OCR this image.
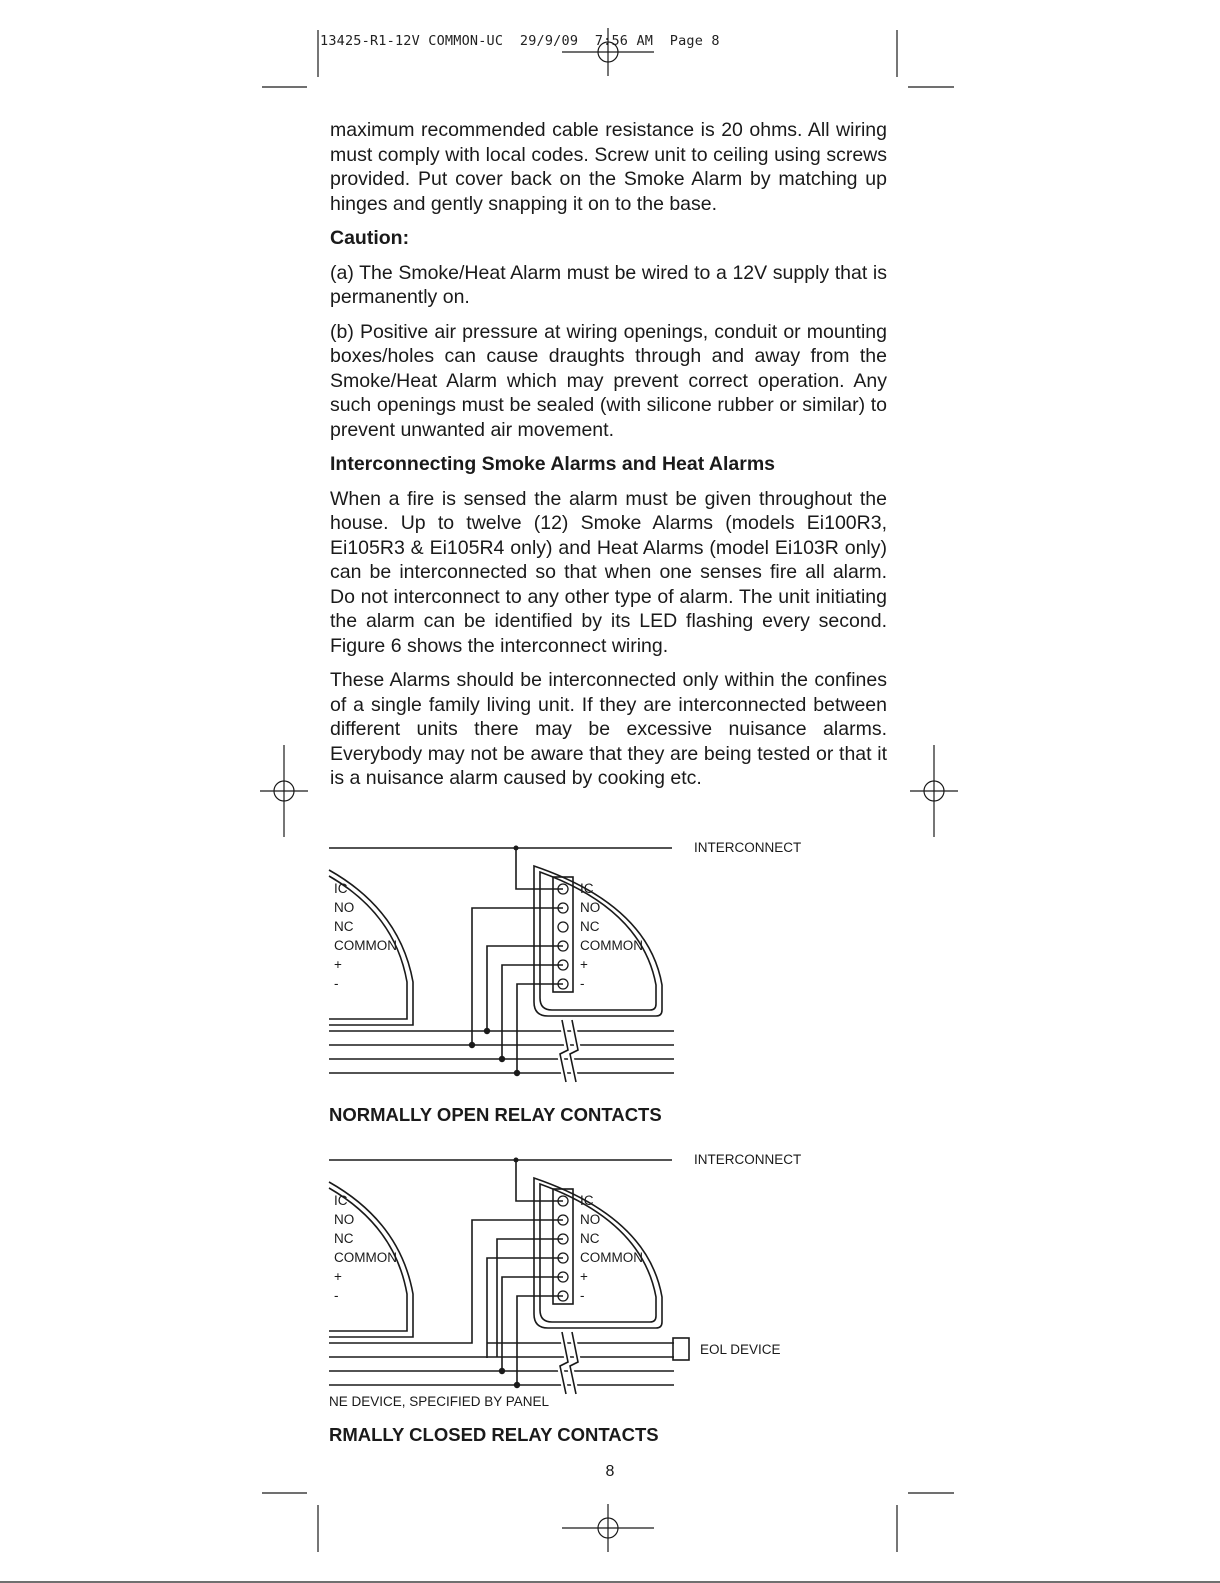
13425-R1-12V COMMON-UC 29/9/09 7:56 AM Page 8

maximum recommended cable resistance is 20 ohms. All wiring must comply with local codes. Screw unit to ceiling using screws provided. Put cover back on the Smoke Alarm by matching up hinges and gently snapping it on to the base.

Caution:

(a) The Smoke/Heat Alarm must be wired to a 12V supply that is permanently on.

(b) Positive air pressure at wiring openings, conduit or mounting boxes/holes can cause draughts through and away from the Smoke/Heat Alarm which may prevent correct operation. Any such openings must be sealed (with silicone rubber or similar) to prevent unwanted air movement.

Interconnecting Smoke Alarms and Heat Alarms

When a fire is sensed the alarm must be given throughout the house. Up to twelve (12) Smoke Alarms (models Ei100R3, Ei105R3 & Ei105R4 only) and Heat Alarms (model Ei103R only) can be interconnected so that when one senses fire all alarm. Do not interconnect to any other type of alarm. The unit initiating the alarm can be identified by its LED flashing every second. Figure 6 shows the interconnect wiring.

These Alarms should be interconnected only within the confines of a single family living unit. If they are interconnected between different units there may be excessive nuisance alarms. Everybody may not be aware that they are being tested or that it is a nuisance alarm caused by cooking etc.

INTERCONNECT
IC
NO
NC
COMMON
+
-
IC
NO
NC
COMMON
+
-
NORMALLY OPEN RELAY CONTACTS
INTERCONNECT
IC
NO
NC
COMMON
+
-
IC
NO
NC
COMMON
+
-
EOL DEVICE
NE DEVICE, SPECIFIED BY PANEL
RMALLY CLOSED RELAY CONTACTS
8
